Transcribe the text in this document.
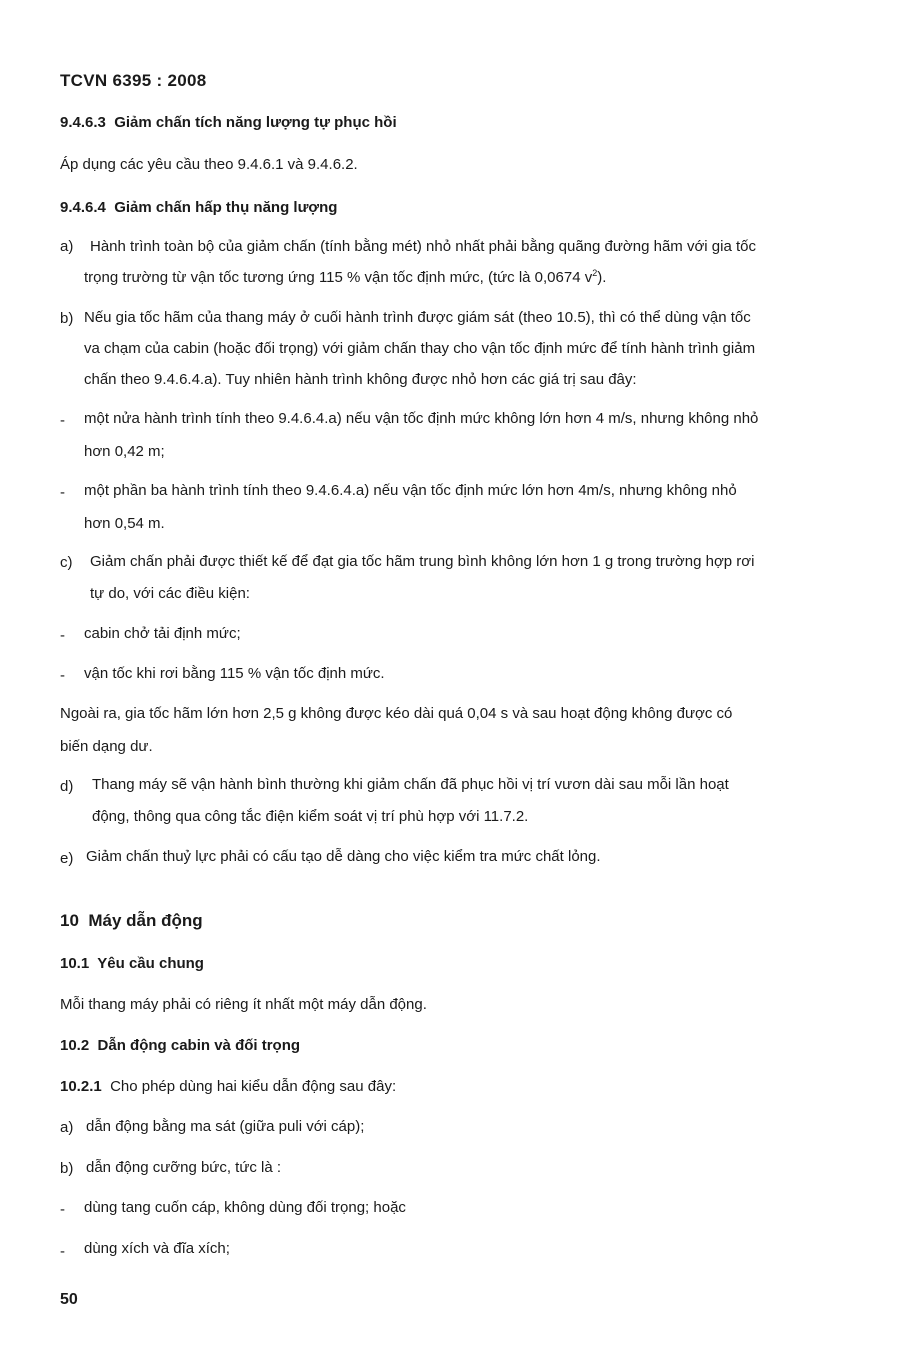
TCVN 6395 : 2008
9.4.6.3 Giảm chấn tích năng lượng tự phục hồi
Áp dụng các yêu cầu theo 9.4.6.1 và 9.4.6.2.
9.4.6.4 Giảm chấn hấp thụ năng lượng
a) Hành trình toàn bộ của giảm chấn (tính bằng mét) nhỏ nhất phải bằng quãng đường hãm với gia tốc
trọng trường từ vận tốc tương ứng 115 % vận tốc định mức, (tức là 0,0674 $v^2$).
b) Nếu gia tốc hãm của thang máy ở cuối hành trình được giám sát (theo 10.5), thì có thể dùng vận tốc
va chạm của cabin (hoặc đối trọng) với giảm chấn thay cho vận tốc định mức để tính hành trình giảm
chấn theo 9.4.6.4.a). Tuy nhiên hành trình không được nhỏ hơn các giá trị sau đây:
- một nửa hành trình tính theo 9.4.6.4.a) nếu vận tốc định mức không lớn hơn 4 m/s, nhưng không nhỏ
hơn 0,42 m;
- một phần ba hành trình tính theo 9.4.6.4.a) nếu vận tốc định mức lớn hơn 4m/s, nhưng không nhỏ
hơn 0,54 m.
c) Giảm chấn phải được thiết kế để đạt gia tốc hãm trung bình không lớn hơn 1 g trong trường hợp rơi
tự do, với các điều kiện:
- cabin chở tải định mức;
- vận tốc khi rơi bằng 115 % vận tốc định mức.
Ngoài ra, gia tốc hãm lớn hơn 2,5 g không được kéo dài quá 0,04 s và sau hoạt động không được có
biến dạng dư.
d) Thang máy sẽ vận hành bình thường khi giảm chấn đã phục hồi vị trí vươn dài sau mỗi lần hoạt
động, thông qua công tắc điện kiểm soát vị trí phù hợp với 11.7.2.
e) Giảm chấn thuỷ lực phải có cấu tạo dễ dàng cho việc kiểm tra mức chất lỏng.
10 Máy dẫn động
10.1 Yêu cầu chung
Mỗi thang máy phải có riêng ít nhất một máy dẫn động.
10.2 Dẫn động cabin và đối trọng
10.2.1 Cho phép dùng hai kiểu dẫn động sau đây:
a) dẫn động bằng ma sát (giữa puli với cáp);
b) dẫn động cưỡng bức, tức là :
- dùng tang cuốn cáp, không dùng đối trọng; hoặc
- dùng xích và đĩa xích;
50
